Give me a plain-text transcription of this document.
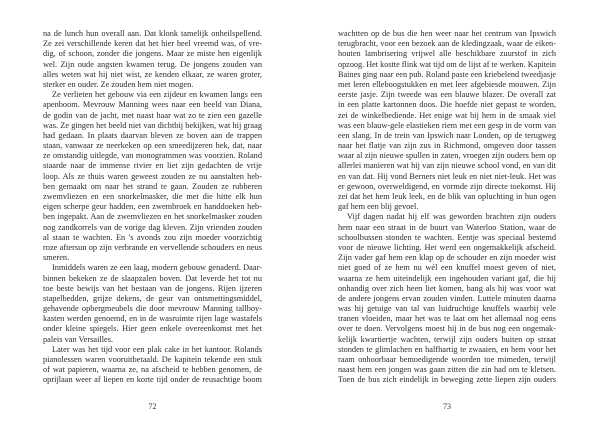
na de lunch hun overall aan. Dat klonk tamelijk onheilspellend.
Ze zei verschillende keren dat het hier heel vreemd was, of vre-
dig, of schoon, zonder die jongens. Maar ze miste hen eigenlijk
wel. Zijn oude angsten kwamen terug. De jongens zouden van
alles weten wat hij niet wist, ze kenden elkaar, ze waren groter,
sterker en ouder. Ze zouden hem niet mogen.
Ze verlieten het gebouw via een zijdeur en kwamen langs een
apenboom. Mevrouw Manning wees naar een beeld van Diana,
de godin van de jacht, met naast haar wat zo te zien een gazelle
was. Ze gingen het beeld niet van dichtbij bekijken, wat hij graag
had gedaan. In plaats daarvan bleven ze boven aan de trappen
staan, vanwaar ze neerkeken op een smeedijzeren hek, dat, naar
ze omstandig uitlegde, van monogrammen was voorzien. Roland
staarde naar de immense rivier en liet zijn gedachten de vrije
loop. Als ze thuis waren geweest zouden ze nu aanstalten heb-
ben gemaakt om naar het strand te gaan. Zouden ze rubberen
zwemvliezen en een snorkelmasker, die met die hitte elk hun
eigen scherpe geur hadden, een zwembroek en handdoeken heb-
ben ingepakt. Aan de zwemvliezen en het snorkelmasker zouden
nog zandkorrels van de vorige dag kleven. Zijn vrienden zouden
al staan te wachten. En 's avonds zou zijn moeder voorzichtig
roze aftersun op zijn verbrande en vervellende schouders en neus
smeren.
Inmiddels waren ze een laag, modern gebouw genaderd. Daar-
binnen bekeken ze de slaapzalen boven. Dat leverde het tot nu
toe beste bewijs van het bestaan van de jongens. Rijen ijzeren
stapelbedden, grijze dekens, de geur van ontsmettingsmiddel,
gehavende opbergmeubels die door mevrouw Manning tallboy-
kasten werden genoemd, en in de wasruimte rijen lage wastafels
onder kleine spiegels. Hier geen enkele overeenkomst met het
paleis van Versailles.
Later was het tijd voor een plak cake in het kantoor. Rolands
pianolessen waren vooruitbetaald. De kapitein tekende een stuk
of wat papieren, waarna ze, na afscheid te hebben genomen, de
oprijlaan weer af liepen en korte tijd onder de reusachtige boom
72
wachtten op de bus die hen weer naar het centrum van Ipswich
terugbracht, voor een bezoek aan de kledingzaak, waar de eiken-
houten lambrisering vrijwel alle beschikbare zuurstof in zich
opzoog. Het kostte flink wat tijd om de lijst af te werken. Kapitein
Baines ging naar een pub. Roland paste een kriebelend tweedjasje
met leren elleboogstukken en met leer afgebiesde mouwen. Zijn
eerste jasje. Zijn tweede was een blauwe blazer. De overall zat
in een platte kartonnen doos. Die hoefde niet gepast te worden,
zei de winkelbediende. Het enige wat bij hem in de smaak viel
was een blauw-gele elastieken riem met een gesp in de vorm van
een slang. In de trein van Ipswich naar Londen, op de terugweg
naar het flatje van zijn zus in Richmond, omgeven door tassen
waar al zijn nieuwe spullen in zaten, vroegen zijn ouders hem op
allerlei manieren wat hij van zijn nieuwe school vond, en van dit
en van dat. Hij vond Berners niet leuk en niet niet-leuk. Het was
er gewoon, overweldigend, en vormde zijn directe toekomst. Hij
zei dat het hem leuk leek, en de blik van opluchting in hun ogen
gaf hem een blij gevoel.
Vijf dagen nadat hij elf was geworden brachten zijn ouders
hem naar een straat in de buurt van Waterloo Station, waar de
schoolbussen stonden te wachten. Eentje was speciaal bestemd
voor de nieuwe lichting. Het werd een ongemakkelijk afscheid.
Zijn vader gaf hem een klap op de schouder en zijn moeder wist
niet goed of ze hem nu wél een knuffel moest geven of niet,
waarna ze hem uiteindelijk een ingehouden variant gaf, die hij
onhandig over zich heen liet komen, bang als hij was voor wat
de andere jongens ervan zouden vinden. Luttele minuten daarna
was hij getuige van tal van luidruchtige knuffels waarbij vele
tranen vloeiden, maar het was te laat om het allemaal nog eens
over te doen. Vervolgens moest hij in de bus nog een ongemak-
kelijk kwartiertje wachten, terwijl zijn ouders buiten op straat
stonden te glimlachen en halfhartig te zwaaien, en hem voor het
raam onhoorbaar bemoedigende woorden toe mimeden, terwijl
naast hem een jongen was gaan zitten die zin had om te kletsen.
Toen de bus zich eindelijk in beweging zette liepen zijn ouders
73
